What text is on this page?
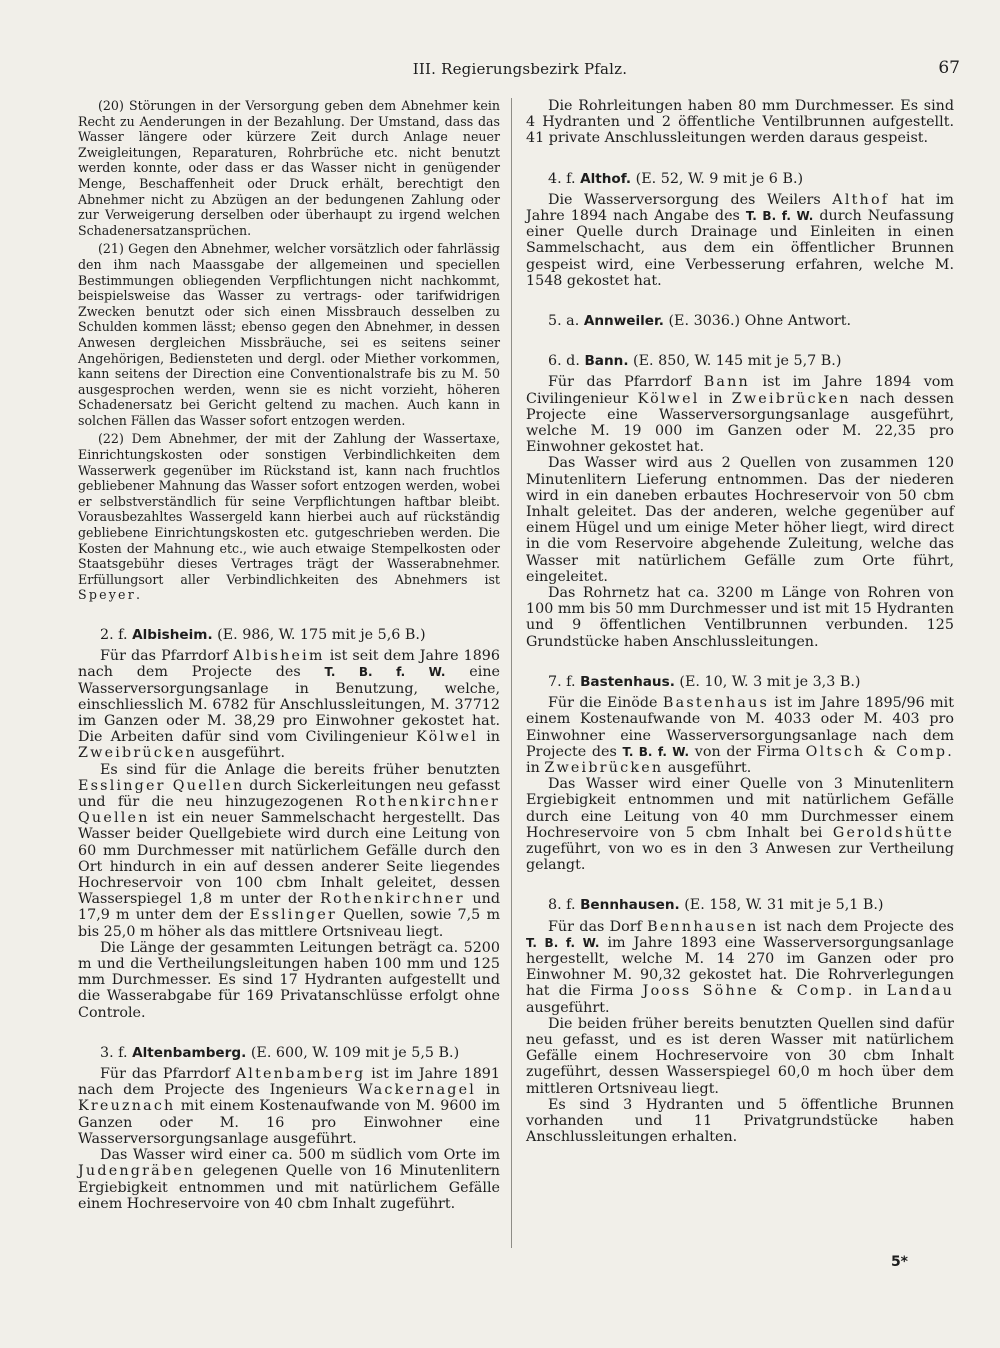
III. Regierungsbezirk Pfalz.	67

(20) Störungen in der Versorgung geben dem Abnehmer kein Recht zu Aenderungen in der Bezahlung. Der Umstand, dass das Wasser längere oder kürzere Zeit durch Anlage neuer Zweigleitungen, Reparaturen, Rohrbrüche etc. nicht benutzt werden konnte, oder dass er das Wasser nicht in genügender Menge, Beschaffenheit oder Druck erhält, berechtigt den Abnehmer nicht zu Abzügen an der bedungenen Zahlung oder zur Verweigerung derselben oder überhaupt zu irgend welchen Schadenersatzansprüchen.

(21) Gegen den Abnehmer, welcher vorsätzlich oder fahrlässig den ihm nach Maassgabe der allgemeinen und speciellen Bestimmungen obliegenden Verpflichtungen nicht nachkommt, beispielsweise das Wasser zu vertrags- oder tarifwidrigen Zwecken benutzt oder sich einen Missbrauch desselben zu Schulden kommen lässt; ebenso gegen den Abnehmer, in dessen Anwesen dergleichen Missbräuche, sei es seitens seiner Angehörigen, Bediensteten und dergl. oder Miether vorkommen, kann seitens der Direction eine Conventionalstrafe bis zu M. 50 ausgesprochen werden, wenn sie es nicht vorzieht, höheren Schadenersatz bei Gericht geltend zu machen. Auch kann in solchen Fällen das Wasser sofort entzogen werden.

(22) Dem Abnehmer, der mit der Zahlung der Wassertaxe, Einrichtungskosten oder sonstigen Verbindlichkeiten dem Wasserwerk gegenüber im Rückstand ist, kann nach fruchtlos gebliebener Mahnung das Wasser sofort entzogen werden, wobei er selbstverständlich für seine Verpflichtungen haftbar bleibt. Vorausbezahltes Wassergeld kann hierbei auch auf rückständig gebliebene Einrichtungskosten etc. gutgeschrieben werden. Die Kosten der Mahnung etc., wie auch etwaige Stempelkosten oder Staatsgebühr dieses Vertrages trägt der Wasserabnehmer. Erfüllungsort aller Verbindlichkeiten des Abnehmers ist Speyer.

2. f. Albisheim. (E. 986, W. 175 mit je 5,6 B.)

Für das Pfarrdorf Albisheim ist seit dem Jahre 1896 nach dem Projecte des T. B. f. W. eine Wasserversorgungsanlage in Benutzung, welche, einschliesslich M. 6782 für Anschlussleitungen, M. 37712 im Ganzen oder M. 38,29 pro Einwohner gekostet hat. Die Arbeiten dafür sind vom Civilingenieur Kölwel in Zweibrücken ausgeführt.

Es sind für die Anlage die bereits früher benutzten Esslinger Quellen durch Sickerleitungen neu gefasst und für die neu hinzugezogenen Rothenkirchner Quellen ist ein neuer Sammelschacht hergestellt. Das Wasser beider Quellgebiete wird durch eine Leitung von 60 mm Durchmesser mit natürlichem Gefälle durch den Ort hindurch in ein auf dessen anderer Seite liegendes Hochreservoir von 100 cbm Inhalt geleitet, dessen Wasserspiegel 1,8 m unter der Rothenkirchner und 17,9 m unter dem der Esslinger Quellen, sowie 7,5 m bis 25,0 m höher als das mittlere Ortsniveau liegt.

Die Länge der gesammten Leitungen beträgt ca. 5200 m und die Vertheilungsleitungen haben 100 mm und 125 mm Durchmesser. Es sind 17 Hydranten aufgestellt und die Wasserabgabe für 169 Privatanschlüsse erfolgt ohne Controle.

3. f. Altenbamberg. (E. 600, W. 109 mit je 5,5 B.)

Für das Pfarrdorf Altenbamberg ist im Jahre 1891 nach dem Projecte des Ingenieurs Wackernagel in Kreuznach mit einem Kostenaufwande von M. 9600 im Ganzen oder M. 16 pro Einwohner eine Wasserversorgungsanlage ausgeführt.

Das Wasser wird einer ca. 500 m südlich vom Orte im Judengräben gelegenen Quelle von 16 Minutenlitern Ergiebigkeit entnommen und mit natürlichem Gefälle einem Hochreservoire von 40 cbm Inhalt zugeführt.

Die Rohrleitungen haben 80 mm Durchmesser. Es sind 4 Hydranten und 2 öffentliche Ventilbrunnen aufgestellt. 41 private Anschlussleitungen werden daraus gespeist.

4. f. Althof. (E. 52, W. 9 mit je 6 B.)

Die Wasserversorgung des Weilers Althof hat im Jahre 1894 nach Angabe des T. B. f. W. durch Neufassung einer Quelle durch Drainage und Einleiten in einen Sammelschacht, aus dem ein öffentlicher Brunnen gespeist wird, eine Verbesserung erfahren, welche M. 1548 gekostet hat.

5. a. Annweiler. (E. 3036.) Ohne Antwort.

6. d. Bann. (E. 850, W. 145 mit je 5,7 B.)

Für das Pfarrdorf Bann ist im Jahre 1894 vom Civilingenieur Kölwel in Zweibrücken nach dessen Projecte eine Wasserversorgungsanlage ausgeführt, welche M. 19 000 im Ganzen oder M. 22,35 pro Einwohner gekostet hat.

Das Wasser wird aus 2 Quellen von zusammen 120 Minutenlitern Lieferung entnommen. Das der niederen wird in ein daneben erbautes Hochreservoir von 50 cbm Inhalt geleitet. Das der anderen, welche gegenüber auf einem Hügel und um einige Meter höher liegt, wird direct in die vom Reservoire abgehende Zuleitung, welche das Wasser mit natürlichem Gefälle zum Orte führt, eingeleitet.

Das Rohrnetz hat ca. 3200 m Länge von Rohren von 100 mm bis 50 mm Durchmesser und ist mit 15 Hydranten und 9 öffentlichen Ventilbrunnen verbunden. 125 Grundstücke haben Anschlussleitungen.

7. f. Bastenhaus. (E. 10, W. 3 mit je 3,3 B.)

Für die Einöde Bastenhaus ist im Jahre 1895/96 mit einem Kostenaufwande von M. 4033 oder M. 403 pro Einwohner eine Wasserversorgungsanlage nach dem Projecte des T. B. f. W. von der Firma Oltsch & Comp. in Zweibrücken ausgeführt.

Das Wasser wird einer Quelle von 3 Minutenlitern Ergiebigkeit entnommen und mit natürlichem Gefälle durch eine Leitung von 40 mm Durchmesser einem Hochreservoire von 5 cbm Inhalt bei Geroldshütte zugeführt, von wo es in den 3 Anwesen zur Vertheilung gelangt.

8. f. Bennhausen. (E. 158, W. 31 mit je 5,1 B.)

Für das Dorf Bennhausen ist nach dem Projecte des T. B. f. W. im Jahre 1893 eine Wasserversorgungsanlage hergestellt, welche M. 14 270 im Ganzen oder pro Einwohner M. 90,32 gekostet hat. Die Rohrverlegungen hat die Firma Jooss Söhne & Comp. in Landau ausgeführt.

Die beiden früher bereits benutzten Quellen sind dafür neu gefasst, und es ist deren Wasser mit natürlichem Gefälle einem Hochreservoire von 30 cbm Inhalt zugeführt, dessen Wasserspiegel 60,0 m hoch über dem mittleren Ortsniveau liegt.

Es sind 3 Hydranten und 5 öffentliche Brunnen vorhanden und 11 Privatgrundstücke haben Anschlussleitungen erhalten.

5*
